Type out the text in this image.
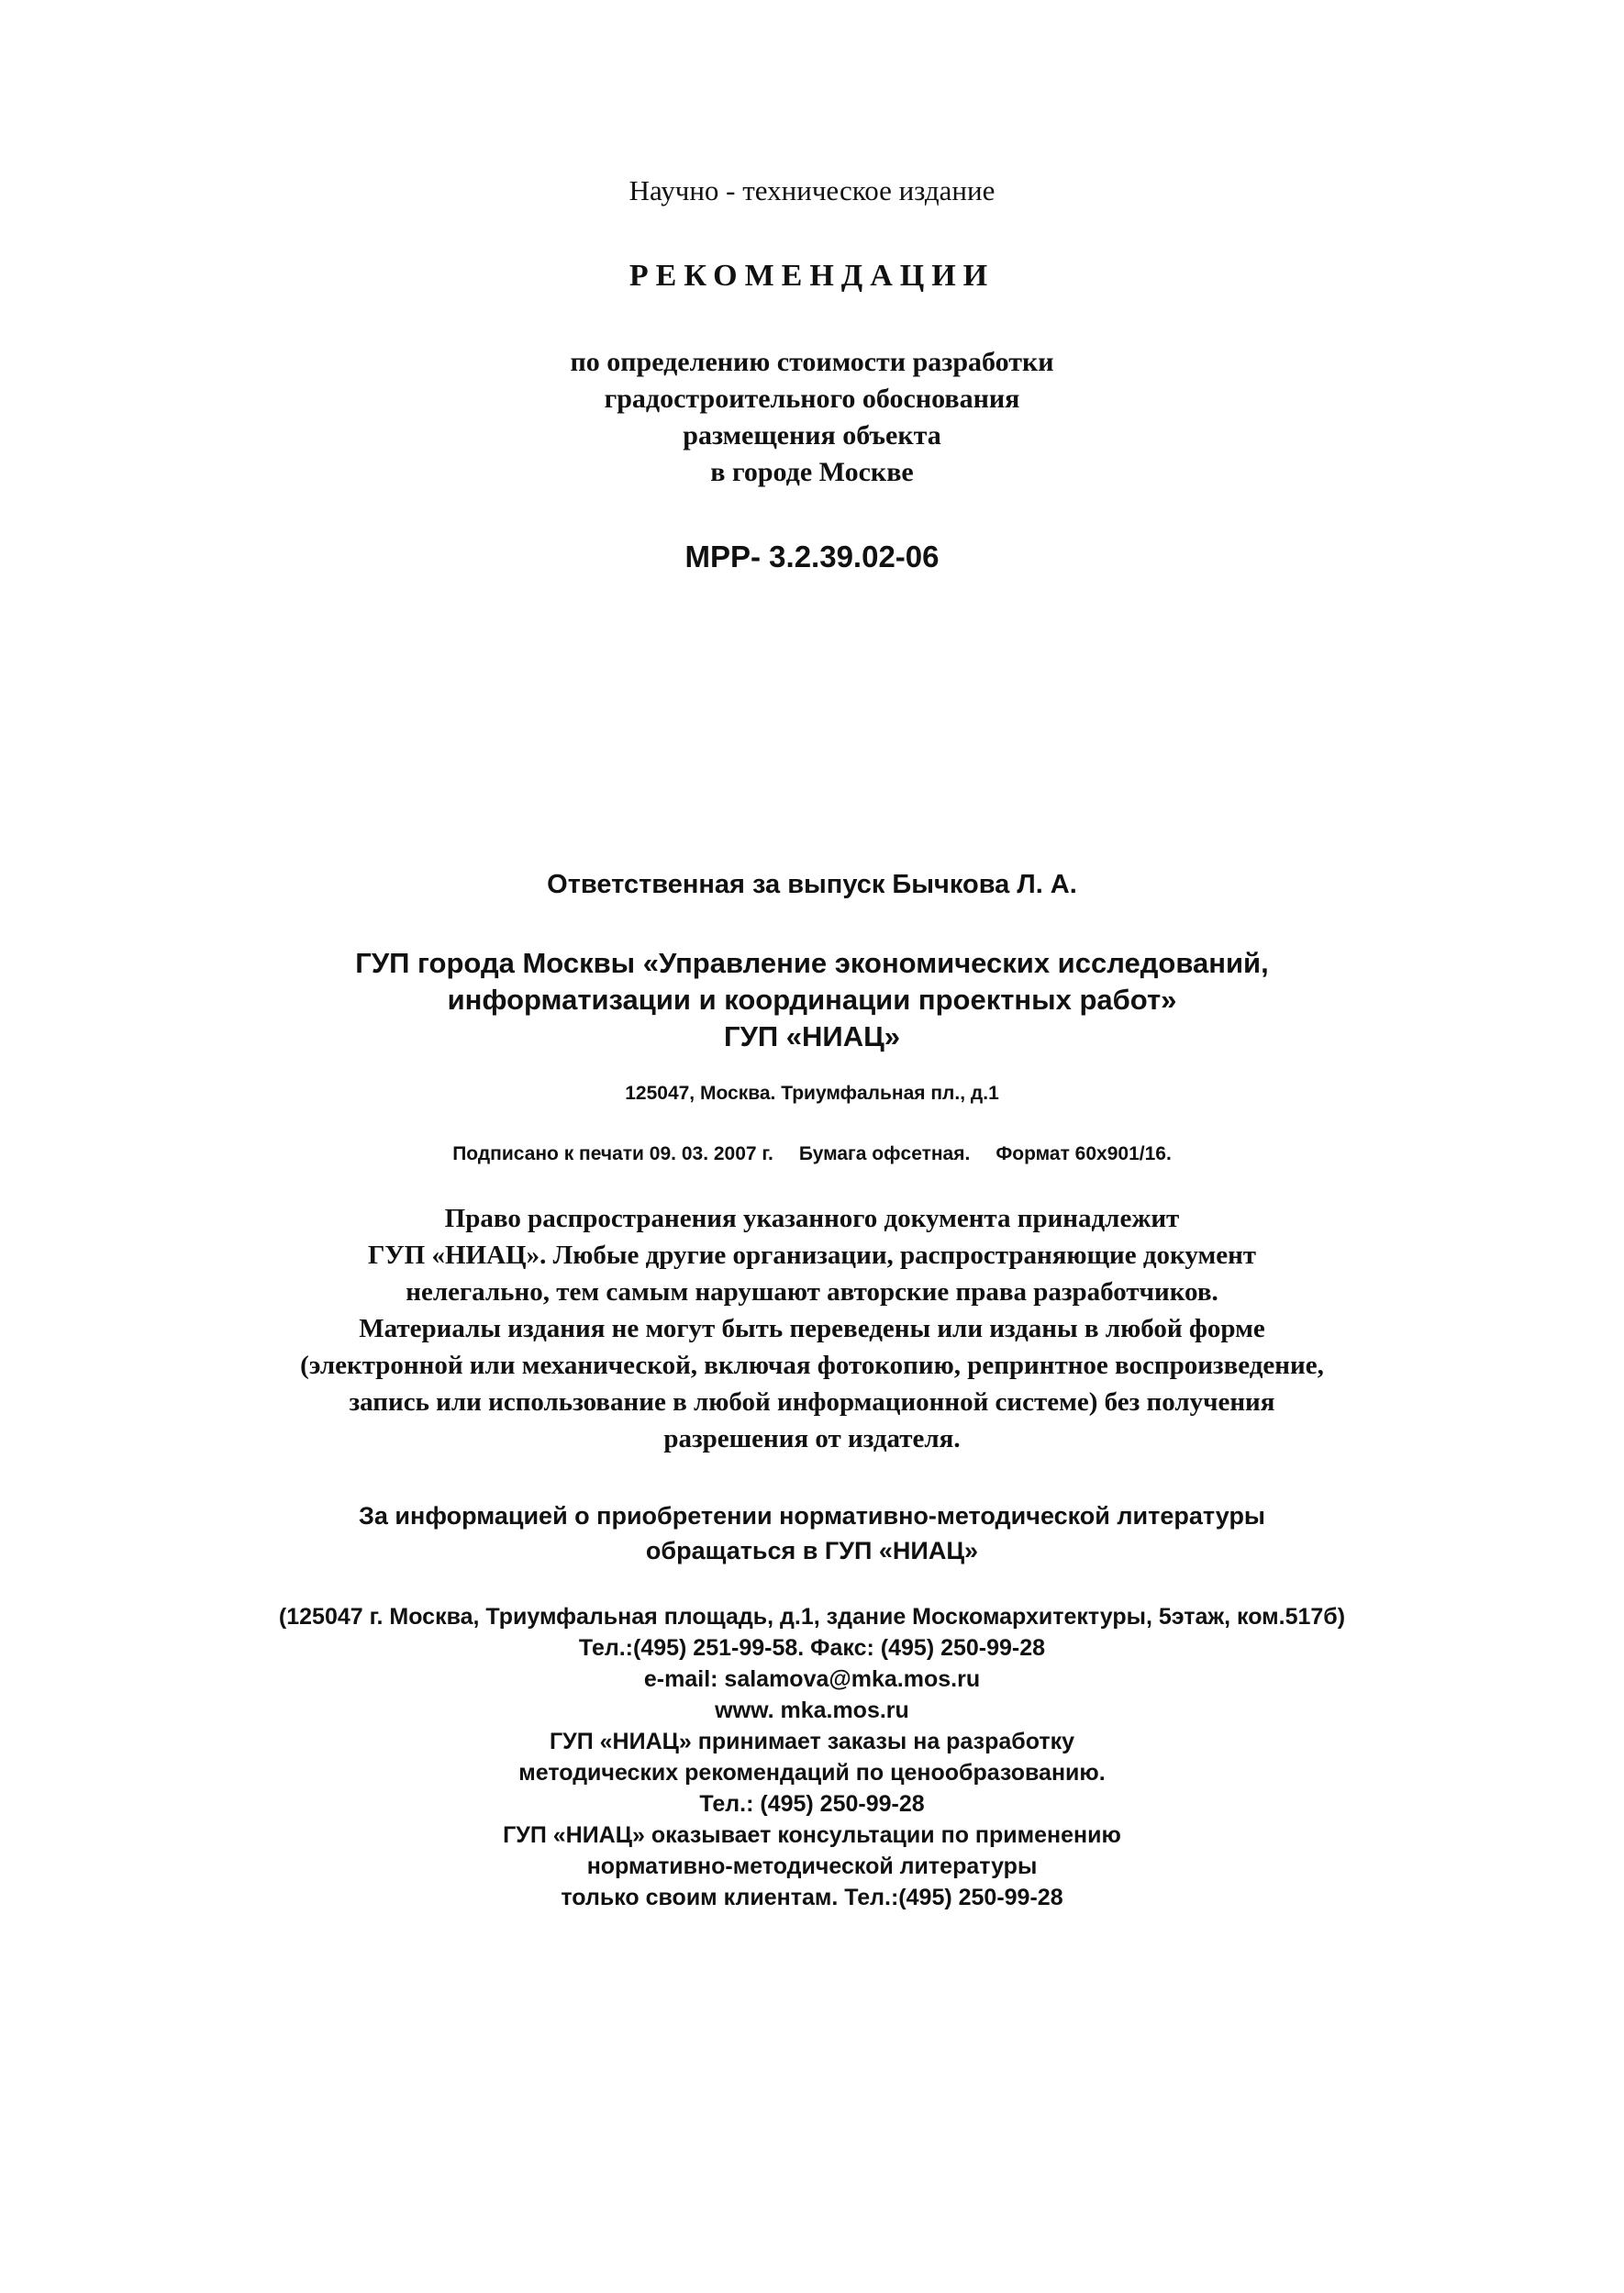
Научно - техническое издание
РЕКОМЕНДАЦИИ
по определению стоимости разработки
градостроительного обоснования
размещения объекта
в городе Москве
МРР- 3.2.39.02-06
Ответственная за выпуск Бычкова Л. А.
ГУП города Москвы «Управление экономических исследований,
информатизации и координации проектных работ»
ГУП «НИАЦ»
125047, Москва. Триумфальная пл., д.1
Подписано к печати 09. 03. 2007 г. Бумага офсетная. Формат 60х901/16.
Право распространения указанного документа принадлежит
ГУП «НИАЦ». Любые другие организации, распространяющие документ
нелегально, тем самым нарушают авторские права разработчиков.
Материалы издания не могут быть переведены или изданы в любой форме
(электронной или механической, включая фотокопию, репринтное воспроизведение,
запись или использование в любой информационной системе) без получения
разрешения от издателя.
За информацией о приобретении нормативно-методической литературы
обращаться в ГУП «НИАЦ»
(125047 г. Москва, Триумфальная площадь, д.1, здание Москомархитектуры, 5этаж, ком.517б)
Тел.:(495) 251-99-58. Факс: (495) 250-99-28
e-mail: salamova@mka.mos.ru
www. mka.mos.ru
ГУП «НИАЦ» принимает заказы на разработку
методических рекомендаций по ценообразованию.
Тел.: (495) 250-99-28
ГУП «НИАЦ» оказывает консультации по применению
нормативно-методической литературы
только своим клиентам. Тел.:(495) 250-99-28
